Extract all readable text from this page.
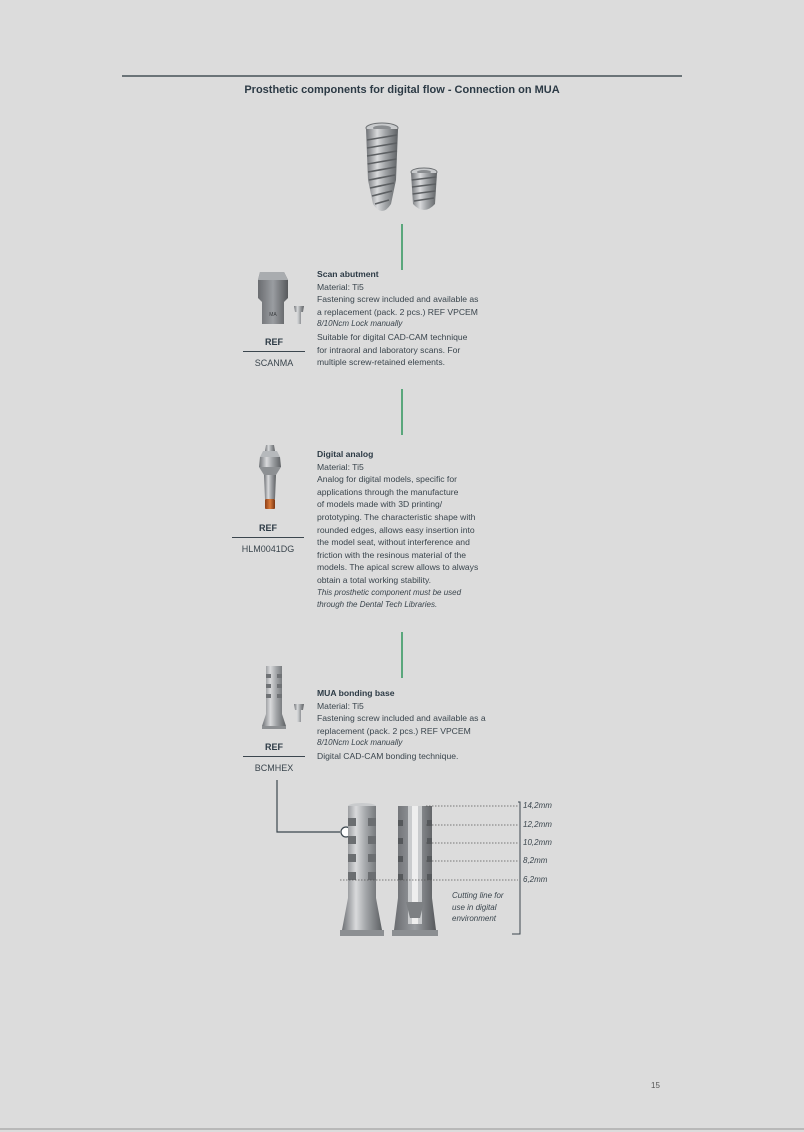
Prosthetic components for digital flow - Connection on MUA
MA
REF
SCANMA
Scan abutment
Material: Ti5
Fastening screw included and available as
a replacement (pack. 2 pcs.) REF VPCEM
8/10Ncm Lock manually
Suitable for digital CAD-CAM technique
for intraoral and laboratory scans. For
multiple screw-retained elements.
REF
HLM0041DG
Digital analog
Material: Ti5
Analog for digital models, specific for
applications through the manufacture
of models made with 3D printing/
prototyping. The characteristic shape with
rounded edges, allows easy insertion into
the model seat, without interference and
friction with the resinous material of the
models. The apical screw allows to always
obtain a total working stability.
This prosthetic component must be used
through the Dental Tech Libraries.
REF
BCMHEX
MUA bonding base
Material: Ti5
Fastening screw included and available as a
replacement (pack. 2 pcs.) REF VPCEM
8/10Ncm Lock manually
Digital CAD-CAM bonding technique.
14,2mm
12,2mm
10,2mm
8,2mm
6,2mm
Cutting line for
use in digital
environment
15
